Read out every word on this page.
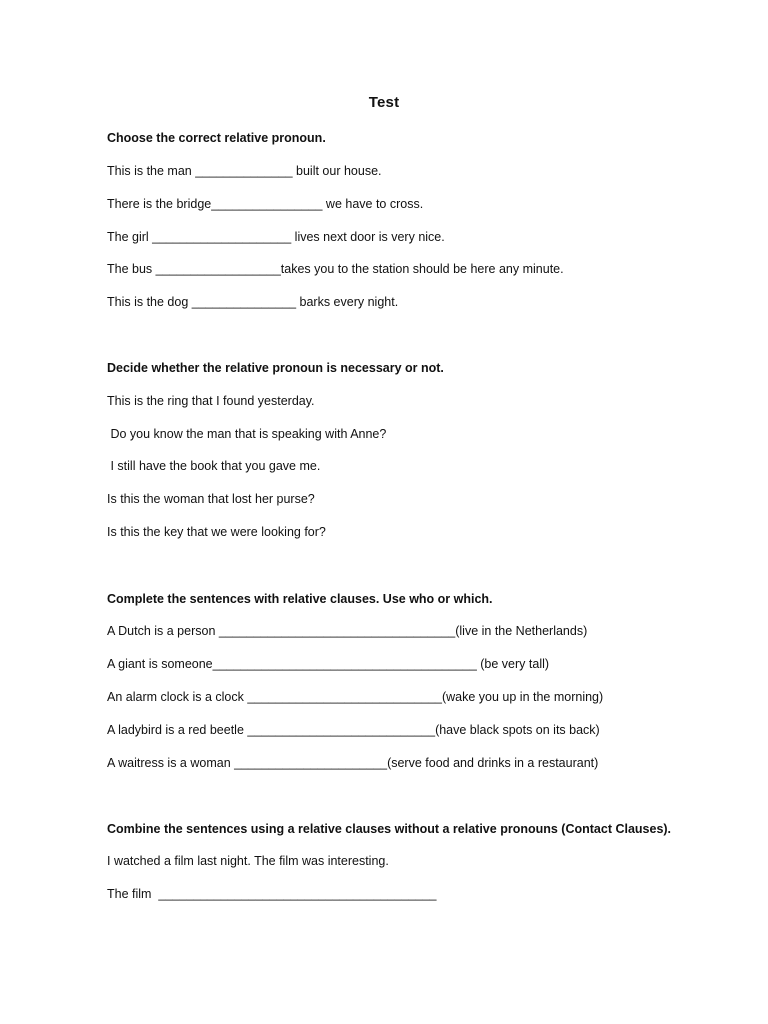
Test
Choose the correct relative pronoun.
This is the man ______________ built our house.
There is the bridge________________ we have to cross.
The girl ____________________ lives next door is very nice.
The bus __________________takes you to the station should be here any minute.
This is the dog _______________ barks every night.
Decide whether the relative pronoun is necessary or not.
This is the ring that I found yesterday.
Do you know the man that is speaking with Anne?
I still have the book that you gave me.
Is this the woman that lost her purse?
Is this the key that we were looking for?
Complete the sentences with relative clauses. Use who or which.
A Dutch is a person __________________________________(live in the Netherlands)
A giant is someone______________________________________ (be very tall)
An alarm clock is a clock ____________________________(wake you up in the morning)
A ladybird is a red beetle ___________________________(have black spots on its back)
A waitress is a woman ______________________(serve food and drinks in a restaurant)
Combine the sentences using a relative clauses without a relative pronouns (Contact Clauses).
I watched a film last night. The film was interesting.
The film  ________________________________________
